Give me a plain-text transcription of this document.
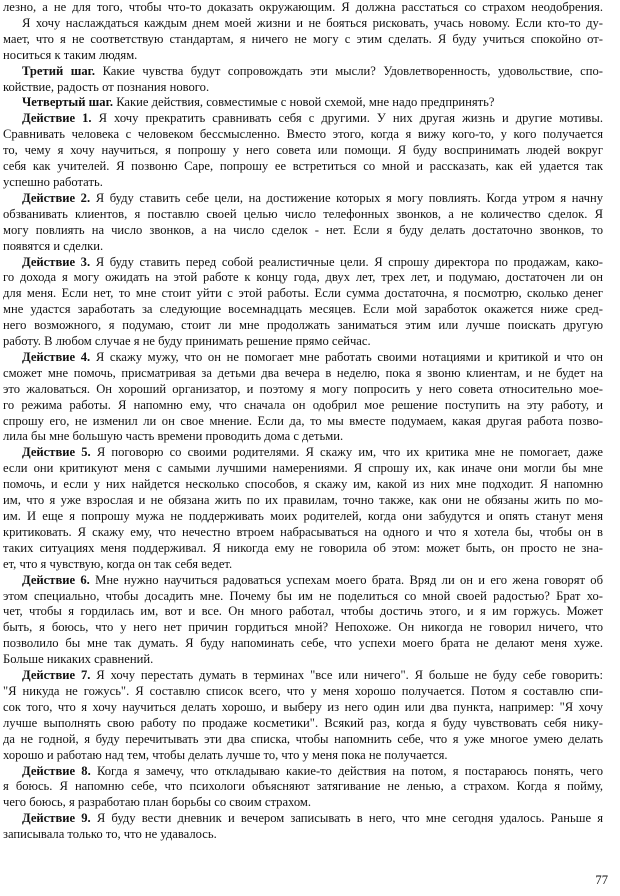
лезно, а не для того, чтобы что-то доказать окружающим. Я должна расстаться со страхом неодобрения.
Я хочу наслаждаться каждым днем моей жизни и не бояться рисковать, учась новому. Если кто-то ду-
мает, что я не соответствую стандартам, я ничего не могу с этим сделать. Я буду учиться спокойно от-
носиться к таким людям.
Третий шаг. Какие чувства будут сопровождать эти мысли? Удовлетворенность, удовольствие, спо-
койствие, радость от познания нового.
Четвертый шаг. Какие действия, совместимые с новой схемой, мне надо предпринять?
Действие 1. Я хочу прекратить сравнивать себя с другими. У них другая жизнь и другие мотивы.
Сравнивать человека с человеком бессмысленно. Вместо этого, когда я вижу кого-то, у кого получается
то, чему я хочу научиться, я попрошу у него совета или помощи. Я буду воспринимать людей вокруг
себя как учителей. Я позвоню Саре, попрошу ее встретиться со мной и рассказать, как ей удается так
успешно работать.
Действие 2. Я буду ставить себе цели, на достижение которых я могу повлиять. Когда утром я начну
обзванивать клиентов, я поставлю своей целью число телефонных звонков, а не количество сделок. Я
могу повлиять на число звонков, а на число сделок - нет. Если я буду делать достаточно звонков, то
появятся и сделки.
Действие 3. Я буду ставить перед собой реалистичные цели. Я спрошу директора по продажам, како-
го дохода я могу ожидать на этой работе к концу года, двух лет, трех лет, и подумаю, достаточен ли он
для меня. Если нет, то мне стоит уйти с этой работы. Если сумма достаточна, я посмотрю, сколько денег
мне удастся заработать за следующие восемнадцать месяцев. Если мой заработок окажется ниже сред-
него возможного, я подумаю, стоит ли мне продолжать заниматься этим или лучше поискать другую
работу. В любом случае я не буду принимать решение прямо сейчас.
Действие 4. Я скажу мужу, что он не помогает мне работать своими нотациями и критикой и что он
сможет мне помочь, присматривая за детьми два вечера в неделю, пока я звоню клиентам, и не будет на
это жаловаться. Он хороший организатор, и поэтому я могу попросить у него совета относительно мое-
го режима работы. Я напомню ему, что сначала он одобрил мое решение поступить на эту работу, и
спрошу его, не изменил ли он свое мнение. Если да, то мы вместе подумаем, какая другая работа позво-
лила бы мне большую часть времени проводить дома с детьми.
Действие 5. Я поговорю со своими родителями. Я скажу им, что их критика мне не помогает, даже
если они критикуют меня с самыми лучшими намерениями. Я спрошу их, как иначе они могли бы мне
помочь, и если у них найдется несколько способов, я скажу им, какой из них мне подходит. Я напомню
им, что я уже взрослая и не обязана жить по их правилам, точно также, как они не обязаны жить по мо-
им. И еще я попрошу мужа не поддерживать моих родителей, когда они забудутся и опять станут меня
критиковать. Я скажу ему, что нечестно втроем набрасываться на одного и что я хотела бы, чтобы он в
таких ситуациях меня поддерживал. Я никогда ему не говорила об этом: может быть, он просто не зна-
ет, что я чувствую, когда он так себя ведет.
Действие 6. Мне нужно научиться радоваться успехам моего брата. Вряд ли он и его жена говорят об
этом специально, чтобы досадить мне. Почему бы им не поделиться со мной своей радостью? Брат хо-
чет, чтобы я гордилась им, вот и все. Он много работал, чтобы достичь этого, и я им горжусь. Может
быть, я боюсь, что у него нет причин гордиться мной? Непохоже. Он никогда не говорил ничего, что
позволило бы мне так думать. Я буду напоминать себе, что успехи моего брата не делают меня хуже.
Больше никаких сравнений.
Действие 7. Я хочу перестать думать в терминах "все или ничего". Я больше не буду себе говорить:
"Я никуда не гожусь". Я составлю список всего, что у меня хорошо получается. Потом я составлю спи-
сок того, что я хочу научиться делать хорошо, и выберу из него один или два пункта, например: "Я хочу
лучше выполнять свою работу по продаже косметики". Всякий раз, когда я буду чувствовать себя нику-
да не годной, я буду перечитывать эти два списка, чтобы напомнить себе, что я уже многое умею делать
хорошо и работаю над тем, чтобы делать лучше то, что у меня пока не получается.
Действие 8. Когда я замечу, что откладываю какие-то действия на потом, я постараюсь понять, чего
я боюсь. Я напомню себе, что психологи объясняют затягивание не ленью, а страхом. Когда я пойму,
чего боюсь, я разработаю план борьбы со своим страхом.
Действие 9. Я буду вести дневник и вечером записывать в него, что мне сегодня удалось. Раньше я
записывала только то, что не удавалось.
77
